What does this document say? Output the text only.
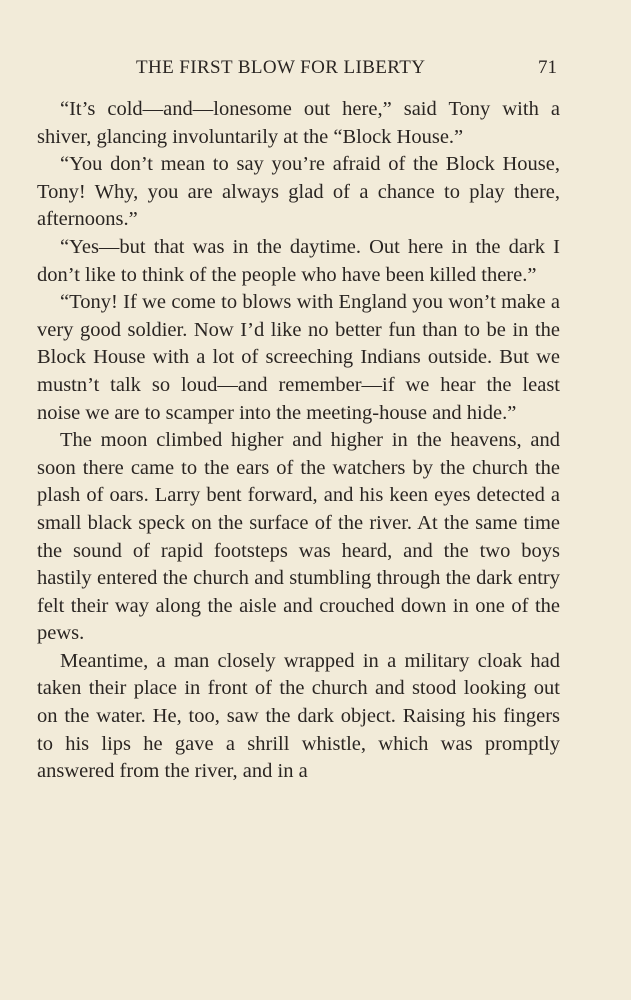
THE FIRST BLOW FOR LIBERTY	71

“It’s cold—and—lonesome out here,” said Tony with a shiver, glancing involuntarily at the “Block House.”

“You don’t mean to say you’re afraid of the Block House, Tony! Why, you are always glad of a chance to play there, afternoons.”

“Yes—but that was in the daytime. Out here in the dark I don’t like to think of the people who have been killed there.”

“Tony! If we come to blows with England you won’t make a very good soldier. Now I’d like no better fun than to be in the Block House with a lot of screeching Indians outside. But we mustn’t talk so loud—and remember—if we hear the least noise we are to scamper into the meeting-house and hide.”

The moon climbed higher and higher in the heavens, and soon there came to the ears of the watchers by the church the plash of oars. Larry bent forward, and his keen eyes detected a small black speck on the surface of the river. At the same time the sound of rapid footsteps was heard, and the two boys hastily entered the church and stumbling through the dark entry felt their way along the aisle and crouched down in one of the pews.

Meantime, a man closely wrapped in a military cloak had taken their place in front of the church and stood looking out on the water. He, too, saw the dark object. Raising his fingers to his lips he gave a shrill whistle, which was promptly answered from the river, and in a
